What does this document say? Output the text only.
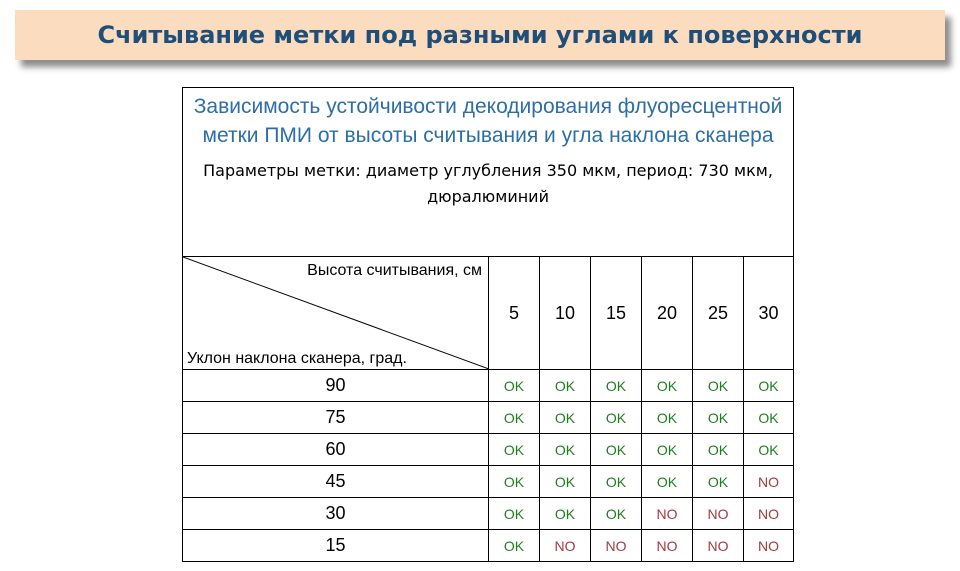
Считывание метки под разными углами к поверхности
Зависимость устойчивости декодирования флуоресцентной метки ПМИ от высоты считывания и угла наклона сканера
Параметры метки: диаметр углубления 350 мкм, период: 730 мкм, дюралюминий						

Высота считывания, см
Уклон наклона сканера, град.	5	10	15	20	25	30
90	OK	OK	OK	OK	OK	OK
75	OK	OK	OK	OK	OK	OK
60	OK	OK	OK	OK	OK	OK
45	OK	OK	OK	OK	OK	NO
30	OK	OK	OK	NO	NO	NO
15	OK	NO	NO	NO	NO	NO
